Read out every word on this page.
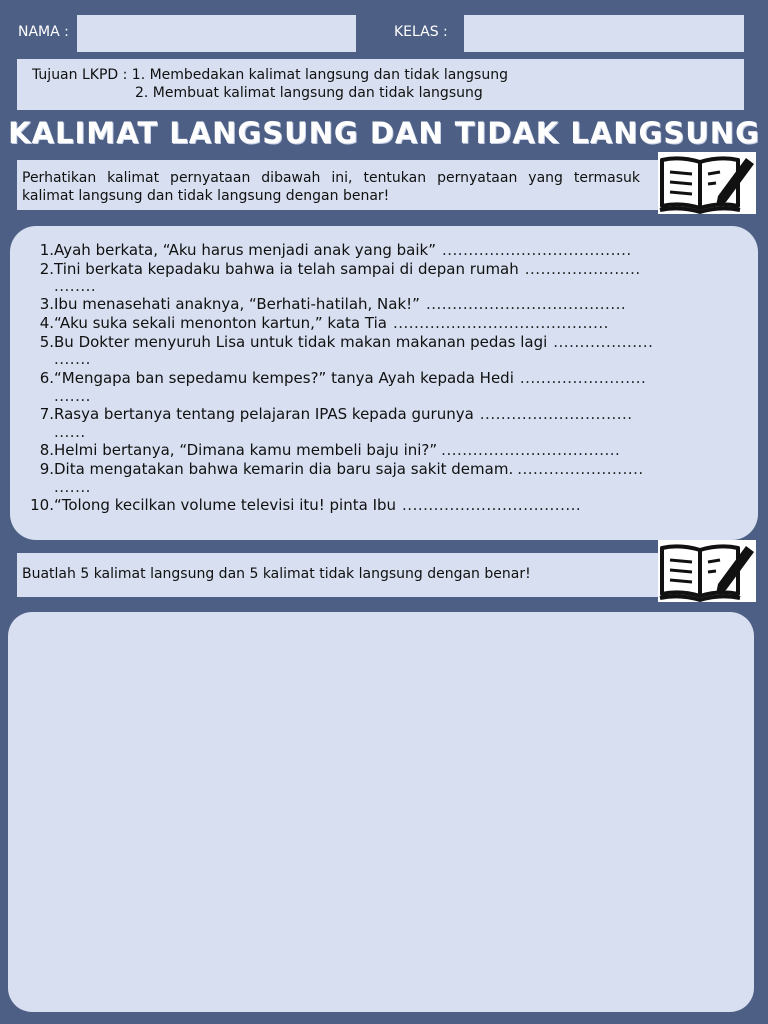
NAMA :	KELAS :
Tujuan LKPD : 1. Membedakan kalimat langsung dan tidak langsung
2. Membuat kalimat langsung dan tidak langsung
KALIMAT LANGSUNG DAN TIDAK LANGSUNG
Perhatikan kalimat pernyataan dibawah ini, tentukan pernyataan yang termasuk kalimat langsung dan tidak langsung dengan benar!
1. Ayah berkata, “Aku harus menjadi anak yang baik” ....................................
2. Tini berkata kepadaku bahwa ia telah sampai di depan rumah ......................
........
3. Ibu menasehati anaknya, “Berhati-hatilah, Nak!” ......................................
4. “Aku suka sekali menonton kartun,” kata Tia .........................................
5. Bu Dokter menyuruh Lisa untuk tidak makan makanan pedas lagi ...................
.......
6. “Mengapa ban sepedamu kempes?” tanya Ayah kepada Hedi ........................
.......
7. Rasya bertanya tentang pelajaran IPAS kepada gurunya .............................
......
8. Helmi bertanya, “Dimana kamu membeli baju ini?” ..................................
9. Dita mengatakan bahwa kemarin dia baru saja sakit demam. ........................
.......
10. “Tolong kecilkan volume televisi itu! pinta Ibu ..................................
Buatlah 5 kalimat langsung dan 5 kalimat tidak langsung dengan benar!
